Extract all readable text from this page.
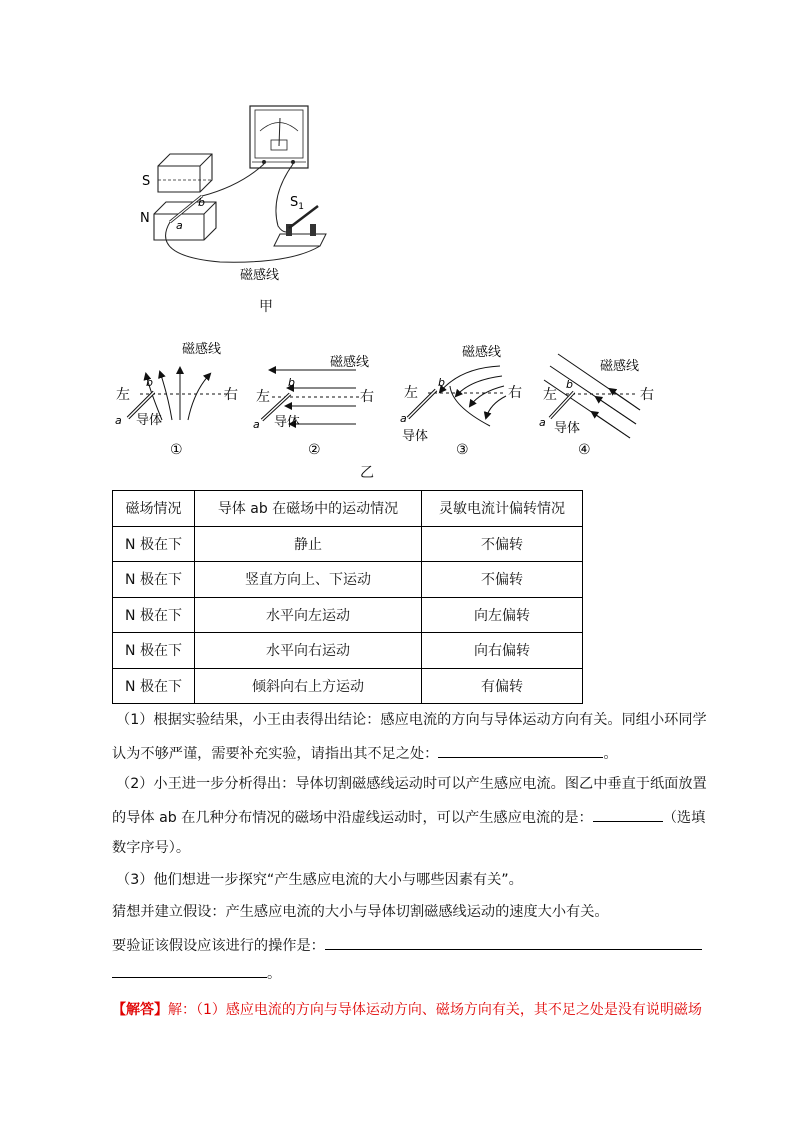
S
N
b
a
$S_1$
磁感线
甲
磁感线
左	右
导体
a
b
①
磁感线
左	右
导体
a
b
②
磁感线
左	右
导体
a
b
③
磁感线
左	右
导体
a
b
④
乙
磁场情况	导体 ab 在磁场中的运动情况	灵敏电流计偏转情况
N 极在下	静止	不偏转
N 极在下	竖直方向上、下运动	不偏转
N 极在下	水平向左运动	向左偏转
N 极在下	水平向右运动	向右偏转
N 极在下	倾斜向右上方运动	有偏转
（1）根据实验结果，小王由表得出结论：感应电流的方向与导体运动方向有关。同组小环同学
认为不够严谨，需要补充实验，请指出其不足之处：	。
（2）小王进一步分析得出：导体切割磁感线运动时可以产生感应电流。图乙中垂直于纸面放置
的导体 ab 在几种分布情况的磁场中沿虚线运动时，可以产生感应电流的是：	（选填
数字序号）。
（3）他们想进一步探究“产生感应电流的大小与哪些因素有关”。
猜想并建立假设：产生感应电流的大小与导体切割磁感线运动的速度大小有关。
要验证该假设应该进行的操作是：
。
【解答】解：（1）感应电流的方向与导体运动方向、磁场方向有关，其不足之处是没有说明磁场
